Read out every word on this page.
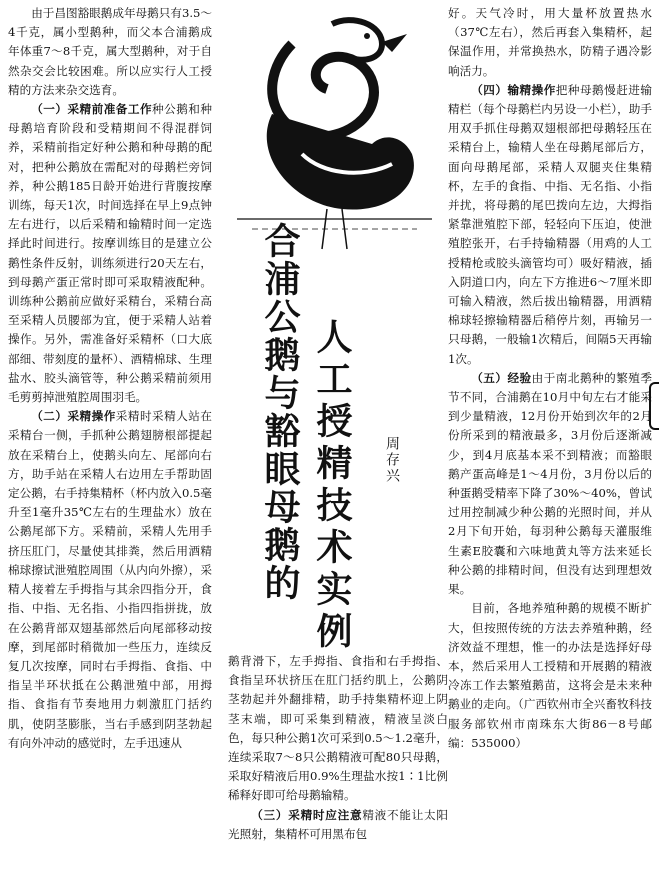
合浦公鹅与豁眼母鹅的 人工授精技术实例	周存兴

由于昌图豁眼鹅成年母鹅只有3.5～4千克，属小型鹅种，而父本合浦鹅成年体重7～8千克，属大型鹅种，对于自然杂交会比较困难。所以应实行人工授精的方法来杂交选育。

（一）采精前准备工作种公鹅和种母鹅培育阶段和受精期间不得混群饲养，采精前指定好种公鹅和种母鹅的配对，把种公鹅放在需配对的母鹅栏旁饲养，种公鹅185日龄开始进行背腹按摩训练，每天1次，时间选择在早上9点钟左右进行，以后采精和输精时间一定选择此时间进行。按摩训练目的是建立公鹅性条件反射，训练须进行20天左右，到母鹅产蛋正常时即可采取精液配种。训练种公鹅前应做好采精台，采精台高至采精人员腰部为宜，便于采精人站着操作。另外，需准备好采精杯（口大底部细、带刻度的量杯）、酒精棉球、生理盐水、胶头滴管等，种公鹅采精前须用毛剪剪掉泄殖腔周围羽毛。

（二）采精操作采精时采精人站在采精台一侧，手抓种公鹅翅膀根部提起放在采精台上，使鹅头向左、尾部向右方，助手站在采精人右边用左手帮助固定公鹅，右手持集精杯（杯内放入0.5毫升至1毫升35℃左右的生理盐水）放在公鹅尾部下方。采精前，采精人先用手挤压肛门，尽量使其排粪，然后用酒精棉球擦试泄殖腔周围（从内向外擦），采精人接着左手拇指与其余四指分开，食指、中指、无名指、小指四指拼拢，放在公鹅背部双翅基部然后向尾部移动按摩，到尾部时稍微加一些压力，连续反复几次按摩，同时右手拇指、食指、中指呈半环状抵在公鹅泄殖中部，用拇指、食指有节奏地用力刺激肛门括约肌，使阴茎膨胀，当右手感到阴茎勃起有向外冲动的感觉时，左手迅速从

鹅背滑下，左手拇指、食指和右手拇指、食指呈环状挤压在肛门括约肌上，公鹅阴茎勃起并外翻排精，助手持集精杯迎上阴茎末端，即可采集到精液，精液呈淡白色，每只种公鹅1次可采到0.5～1.2毫升，连续采取7～8只公鹅精液可配80只母鹅，采取好精液后用0.9%生理盐水按1∶1比例稀释好即可给母鹅输精。

（三）采精时应注意精液不能让太阳光照射，集精杯可用黑布包

好。天气冷时，用大量杯放置热水（37℃左右），然后再套入集精杯，起保温作用，并常换热水，防精子遇冷影响活力。

（四）输精操作把种母鹅慢赶进输精栏（每个母鹅栏内另设一小栏），助手用双手抓住母鹅双翅根部把母鹅轻压在采精台上，输精人坐在母鹅尾部后方，面向母鹅尾部，采精人双腿夹住集精杯，左手的食指、中指、无名指、小指并扰，将母鹅的尾巴拨向左边，大拇指紧靠泄殖腔下部，轻轻向下压迫，使泄殖腔张开，右手持输精器（用鸡的人工授精枪或胶头滴管均可）吸好精液，插入阴道口内，向左下方推进6～7厘米即可输入精液，然后拔出输精器，用酒精棉球轻擦输精器后稍停片刻，再输另一只母鹅，一般输1次精后，间隔5天再输1次。

（五）经验由于南北鹅种的繁殖季节不同，合浦鹅在10月中旬左右才能采到少量精液，12月份开始到次年的2月份所采到的精液最多，3月份后逐渐减少，到4月底基本采不到精液；而豁眼鹅产蛋高峰是1～4月份，3月份以后的种蛋鹅受精率下降了30%～40%，曾试过用控制减少种公鹅的光照时间，并从2月下旬开始，每羽种公鹅每天灌服维生素E胶囊和六味地黄丸等方法来延长种公鹅的排精时间，但没有达到理想效果。

目前，各地养殖种鹅的规模不断扩大，但按照传统的方法去养殖种鹅，经济效益不理想，惟一的办法是选择好母本，然后采用人工授精和开展鹅的精液冷冻工作去繁殖鹅苗，这将会是未来种鹅业的走向。（广西钦州市全兴畜牧科技服务部钦州市南珠东大街86－8号邮编：535000）
